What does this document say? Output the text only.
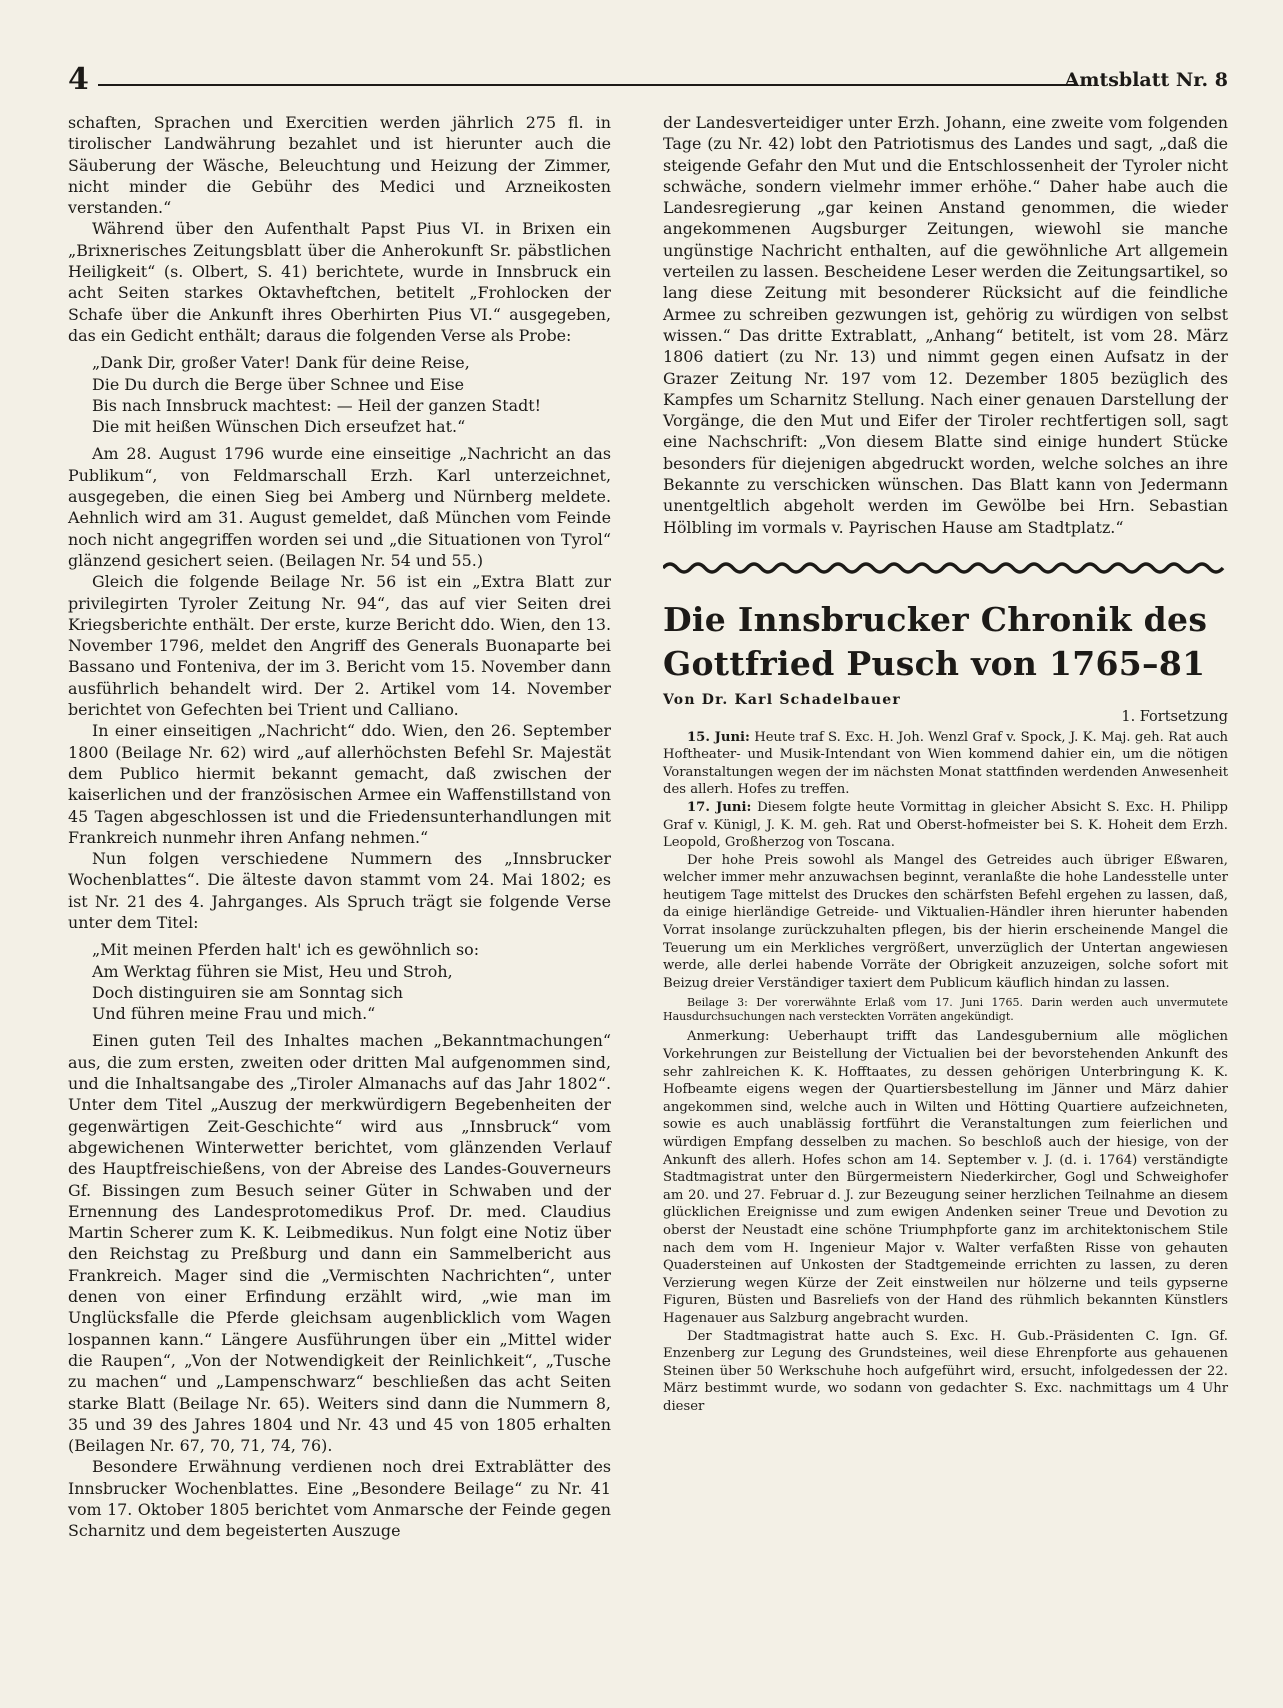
4	Amtsblatt Nr. 8

schaften, Sprachen und Exercitien werden jährlich 275 fl. in tirolischer Landwährung bezahlet und ist hierunter auch die Säuberung der Wäsche, Beleuchtung und Heizung der Zimmer, nicht minder die Gebühr des Medici und Arzneikosten verstanden.“

Während über den Aufenthalt Papst Pius VI. in Brixen ein „Brixnerisches Zeitungsblatt über die Anherokunft Sr. päbstlichen Heiligkeit“ (s. Olbert, S. 41) berichtete, wurde in Innsbruck ein acht Seiten starkes Oktavheftchen, betitelt „Frohlocken der Schafe über die Ankunft ihres Oberhirten Pius VI.“ ausgegeben, das ein Gedicht enthält; daraus die folgenden Verse als Probe:

„Dank Dir, großer Vater! Dank für deine Reise,
Die Du durch die Berge über Schnee und Eise
Bis nach Innsbruck machtest: — Heil der ganzen Stadt!
Die mit heißen Wünschen Dich erseufzet hat.“

Am 28. August 1796 wurde eine einseitige „Nachricht an das Publikum“, von Feldmarschall Erzh. Karl unterzeichnet, ausgegeben, die einen Sieg bei Amberg und Nürnberg meldete. Aehnlich wird am 31. August gemeldet, daß München vom Feinde noch nicht angegriffen worden sei und „die Situationen von Tyrol“ glänzend gesichert seien. (Beilagen Nr. 54 und 55.)

Gleich die folgende Beilage Nr. 56 ist ein „Extra Blatt zur privilegirten Tyroler Zeitung Nr. 94“, das auf vier Seiten drei Kriegsberichte enthält. Der erste, kurze Bericht ddo. Wien, den 13. November 1796, meldet den Angriff des Generals Buonaparte bei Bassano und Fonteniva, der im 3. Bericht vom 15. November dann ausführlich behandelt wird. Der 2. Artikel vom 14. November berichtet von Gefechten bei Trient und Calliano.

In einer einseitigen „Nachricht“ ddo. Wien, den 26. September 1800 (Beilage Nr. 62) wird „auf allerhöchsten Befehl Sr. Majestät dem Publico hiermit bekannt gemacht, daß zwischen der kaiserlichen und der französischen Armee ein Waffenstillstand von 45 Tagen abgeschlossen ist und die Friedensunterhandlungen mit Frankreich nunmehr ihren Anfang nehmen.“

Nun folgen verschiedene Nummern des „Innsbrucker Wochenblattes“. Die älteste davon stammt vom 24. Mai 1802; es ist Nr. 21 des 4. Jahrganges. Als Spruch trägt sie folgende Verse unter dem Titel:

„Mit meinen Pferden halt' ich es gewöhnlich so:
Am Werktag führen sie Mist, Heu und Stroh,
Doch distinguiren sie am Sonntag sich
Und führen meine Frau und mich.“

Einen guten Teil des Inhaltes machen „Bekanntmachungen“ aus, die zum ersten, zweiten oder dritten Mal aufgenommen sind, und die Inhaltsangabe des „Tiroler Almanachs auf das Jahr 1802“. Unter dem Titel „Auszug der merkwürdigern Begebenheiten der gegenwärtigen Zeit-Geschichte“ wird aus „Innsbruck“ vom abgewichenen Winterwetter berichtet, vom glänzenden Verlauf des Hauptfreischießens, von der Abreise des Landes-Gouverneurs Gf. Bissingen zum Besuch seiner Güter in Schwaben und der Ernennung des Landesprotomedikus Prof. Dr. med. Claudius Martin Scherer zum K. K. Leibmedikus. Nun folgt eine Notiz über den Reichstag zu Preßburg und dann ein Sammelbericht aus Frankreich. Mager sind die „Vermischten Nachrichten“, unter denen von einer Erfindung erzählt wird, „wie man im Unglücksfalle die Pferde gleichsam augenblicklich vom Wagen lospannen kann.“ Längere Ausführungen über ein „Mittel wider die Raupen“, „Von der Notwendigkeit der Reinlichkeit“, „Tusche zu machen“ und „Lampenschwarz“ beschließen das acht Seiten starke Blatt (Beilage Nr. 65). Weiters sind dann die Nummern 8, 35 und 39 des Jahres 1804 und Nr. 43 und 45 von 1805 erhalten (Beilagen Nr. 67, 70, 71, 74, 76).

Besondere Erwähnung verdienen noch drei Extrablätter des Innsbrucker Wochenblattes. Eine „Besondere Beilage“ zu Nr. 41 vom 17. Oktober 1805 berichtet vom Anmarsche der Feinde gegen Scharnitz und dem begeisterten Auszuge

der Landesverteidiger unter Erzh. Johann, eine zweite vom folgenden Tage (zu Nr. 42) lobt den Patriotismus des Landes und sagt, „daß die steigende Gefahr den Mut und die Entschlossenheit der Tyroler nicht schwäche, sondern vielmehr immer erhöhe.“ Daher habe auch die Landesregierung „gar keinen Anstand genommen, die wieder angekommenen Augsburger Zeitungen, wiewohl sie manche ungünstige Nachricht enthalten, auf die gewöhnliche Art allgemein verteilen zu lassen. Bescheidene Leser werden die Zeitungsartikel, so lang diese Zeitung mit besonderer Rücksicht auf die feindliche Armee zu schreiben gezwungen ist, gehörig zu würdigen von selbst wissen.“ Das dritte Extrablatt, „Anhang“ betitelt, ist vom 28. März 1806 datiert (zu Nr. 13) und nimmt gegen einen Aufsatz in der Grazer Zeitung Nr. 197 vom 12. Dezember 1805 bezüglich des Kampfes um Scharnitz Stellung. Nach einer genauen Darstellung der Vorgänge, die den Mut und Eifer der Tiroler rechtfertigen soll, sagt eine Nachschrift: „Von diesem Blatte sind einige hundert Stücke besonders für diejenigen abgedruckt worden, welche solches an ihre Bekannte zu verschicken wünschen. Das Blatt kann von Jedermann unentgeltlich abgeholt werden im Gewölbe bei Hrn. Sebastian Hölbling im vormals v. Payrischen Hause am Stadtplatz.“

Die Innsbrucker Chronik des Gottfried Pusch von 1765–81
Von Dr. Karl Schadelbauer
1. Fortsetzung

15. Juni: Heute traf S. Exc. H. Joh. Wenzl Graf v. Spock, J. K. Maj. geh. Rat auch Hoftheater- und Musik-Intendant von Wien kommend dahier ein, um die nötigen Voranstaltungen wegen der im nächsten Monat stattfinden werdenden Anwesenheit des allerh. Hofes zu treffen.

17. Juni: Diesem folgte heute Vormittag in gleicher Absicht S. Exc. H. Philipp Graf v. Künigl, J. K. M. geh. Rat und Oberst-hofmeister bei S. K. Hoheit dem Erzh. Leopold, Großherzog von Toscana.

Der hohe Preis sowohl als Mangel des Getreides auch übriger Eßwaren, welcher immer mehr anzuwachsen beginnt, veranlaßte die hohe Landesstelle unter heutigem Tage mittelst des Druckes den schärfsten Befehl ergehen zu lassen, daß, da einige hierländige Getreide- und Viktualien-Händler ihren hierunter habenden Vorrat insolange zurückzuhalten pflegen, bis der hierin erscheinende Mangel die Teuerung um ein Merkliches vergrößert, unverzüglich der Untertan angewiesen werde, alle derlei habende Vorräte der Obrigkeit anzuzeigen, solche sofort mit Beizug dreier Verständiger taxiert dem Publicum käuflich hindan zu lassen.

Beilage 3: Der vorerwähnte Erlaß vom 17. Juni 1765. Darin werden auch unvermutete Hausdurchsuchungen nach versteckten Vorräten angekündigt.

Anmerkung: Ueberhaupt trifft das Landesgubernium alle möglichen Vorkehrungen zur Beistellung der Victualien bei der bevorstehenden Ankunft des sehr zahlreichen K. K. Hofftaates, zu dessen gehörigen Unterbringung K. K. Hofbeamte eigens wegen der Quartiersbestellung im Jänner und März dahier angekommen sind, welche auch in Wilten und Hötting Quartiere aufzeichneten, sowie es auch unablässig fortführt die Veranstaltungen zum feierlichen und würdigen Empfang desselben zu machen. So beschloß auch der hiesige, von der Ankunft des allerh. Hofes schon am 14. September v. J. (d. i. 1764) verständigte Stadtmagistrat unter den Bürgermeistern Niederkircher, Gogl und Schweighofer am 20. und 27. Februar d. J. zur Bezeugung seiner herzlichen Teilnahme an diesem glücklichen Ereignisse und zum ewigen Andenken seiner Treue und Devotion zu oberst der Neustadt eine schöne Triumphpforte ganz im architektonischem Stile nach dem vom H. Ingenieur Major v. Walter verfaßten Risse von gehauten Quadersteinen auf Unkosten der Stadtgemeinde errichten zu lassen, zu deren Verzierung wegen Kürze der Zeit einstweilen nur hölzerne und teils gypserne Figuren, Büsten und Basreliefs von der Hand des rühmlich bekannten Künstlers Hagenauer aus Salzburg angebracht wurden.

Der Stadtmagistrat hatte auch S. Exc. H. Gub.-Präsidenten C. Ign. Gf. Enzenberg zur Legung des Grundsteines, weil diese Ehrenpforte aus gehauenen Steinen über 50 Werkschuhe hoch aufgeführt wird, ersucht, infolgedessen der 22. März bestimmt wurde, wo sodann von gedachter S. Exc. nachmittags um 4 Uhr dieser
